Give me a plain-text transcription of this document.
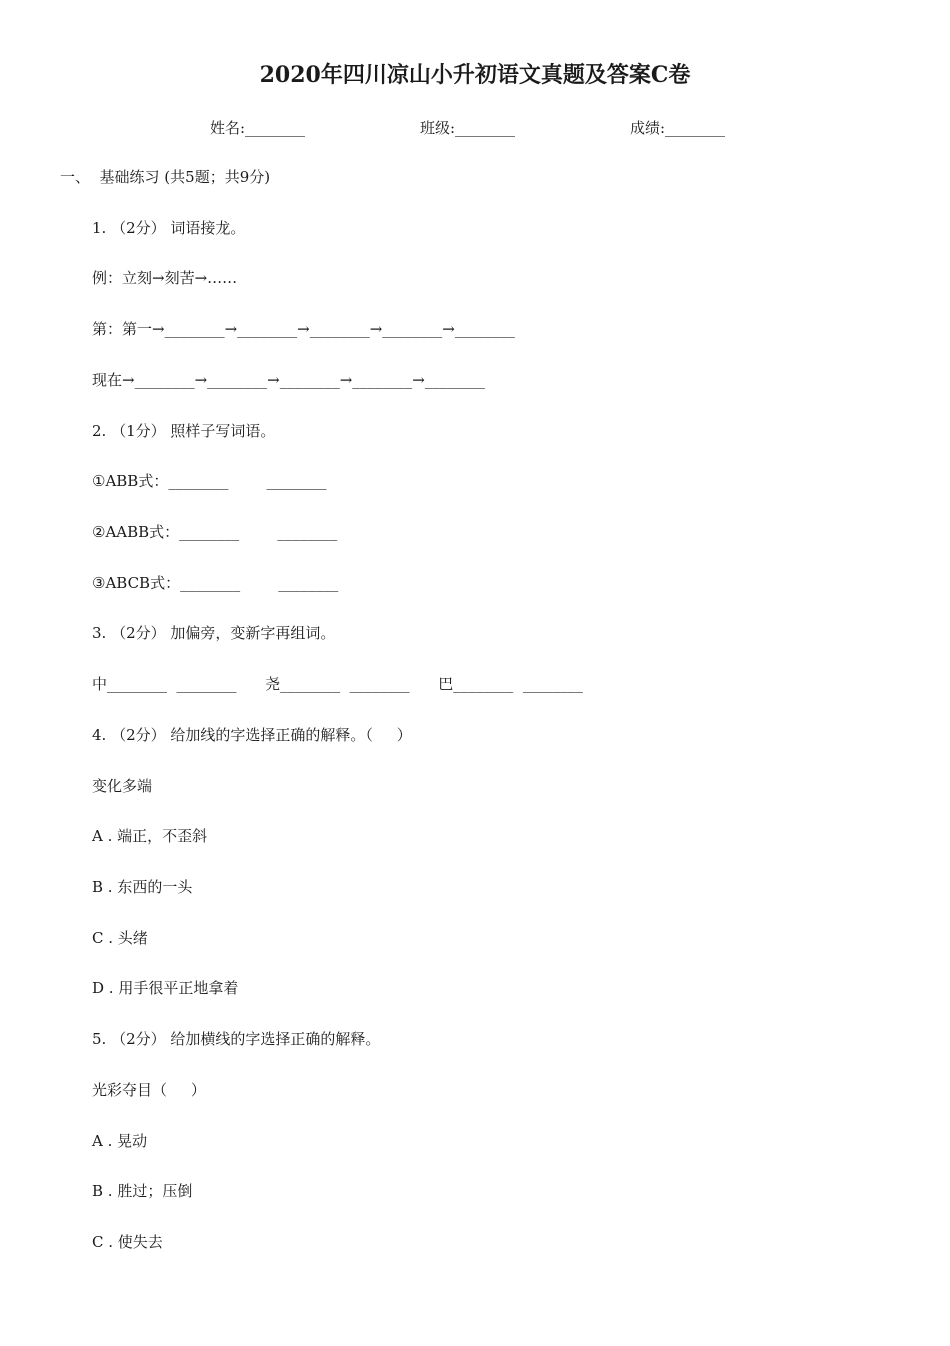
2020年四川凉山小升初语文真题及答案C卷
姓名:________	班级:________	成绩:________
一、  基础练习 (共5题；共9分)
1. （2分） 词语接龙。
例：立刻→刻苦→……
第：第一→________→________→________→________→________
现在→________→________→________→________→________
2. （1分） 照样子写词语。
①ABB式：________        ________
②AABB式：________        ________
③ABCB式：________        ________
3. （2分） 加偏旁，变新字再组词。
中________  ________      尧________  ________      巴________  ________
4. （2分） 给加线的字选择正确的解释。（     ）
变化多端
A . 端正，不歪斜
B . 东西的一头
C . 头绪
D . 用手很平正地拿着
5. （2分） 给加横线的字选择正确的解释。
光彩夺目（     ）
A . 晃动
B . 胜过；压倒
C . 使失去
